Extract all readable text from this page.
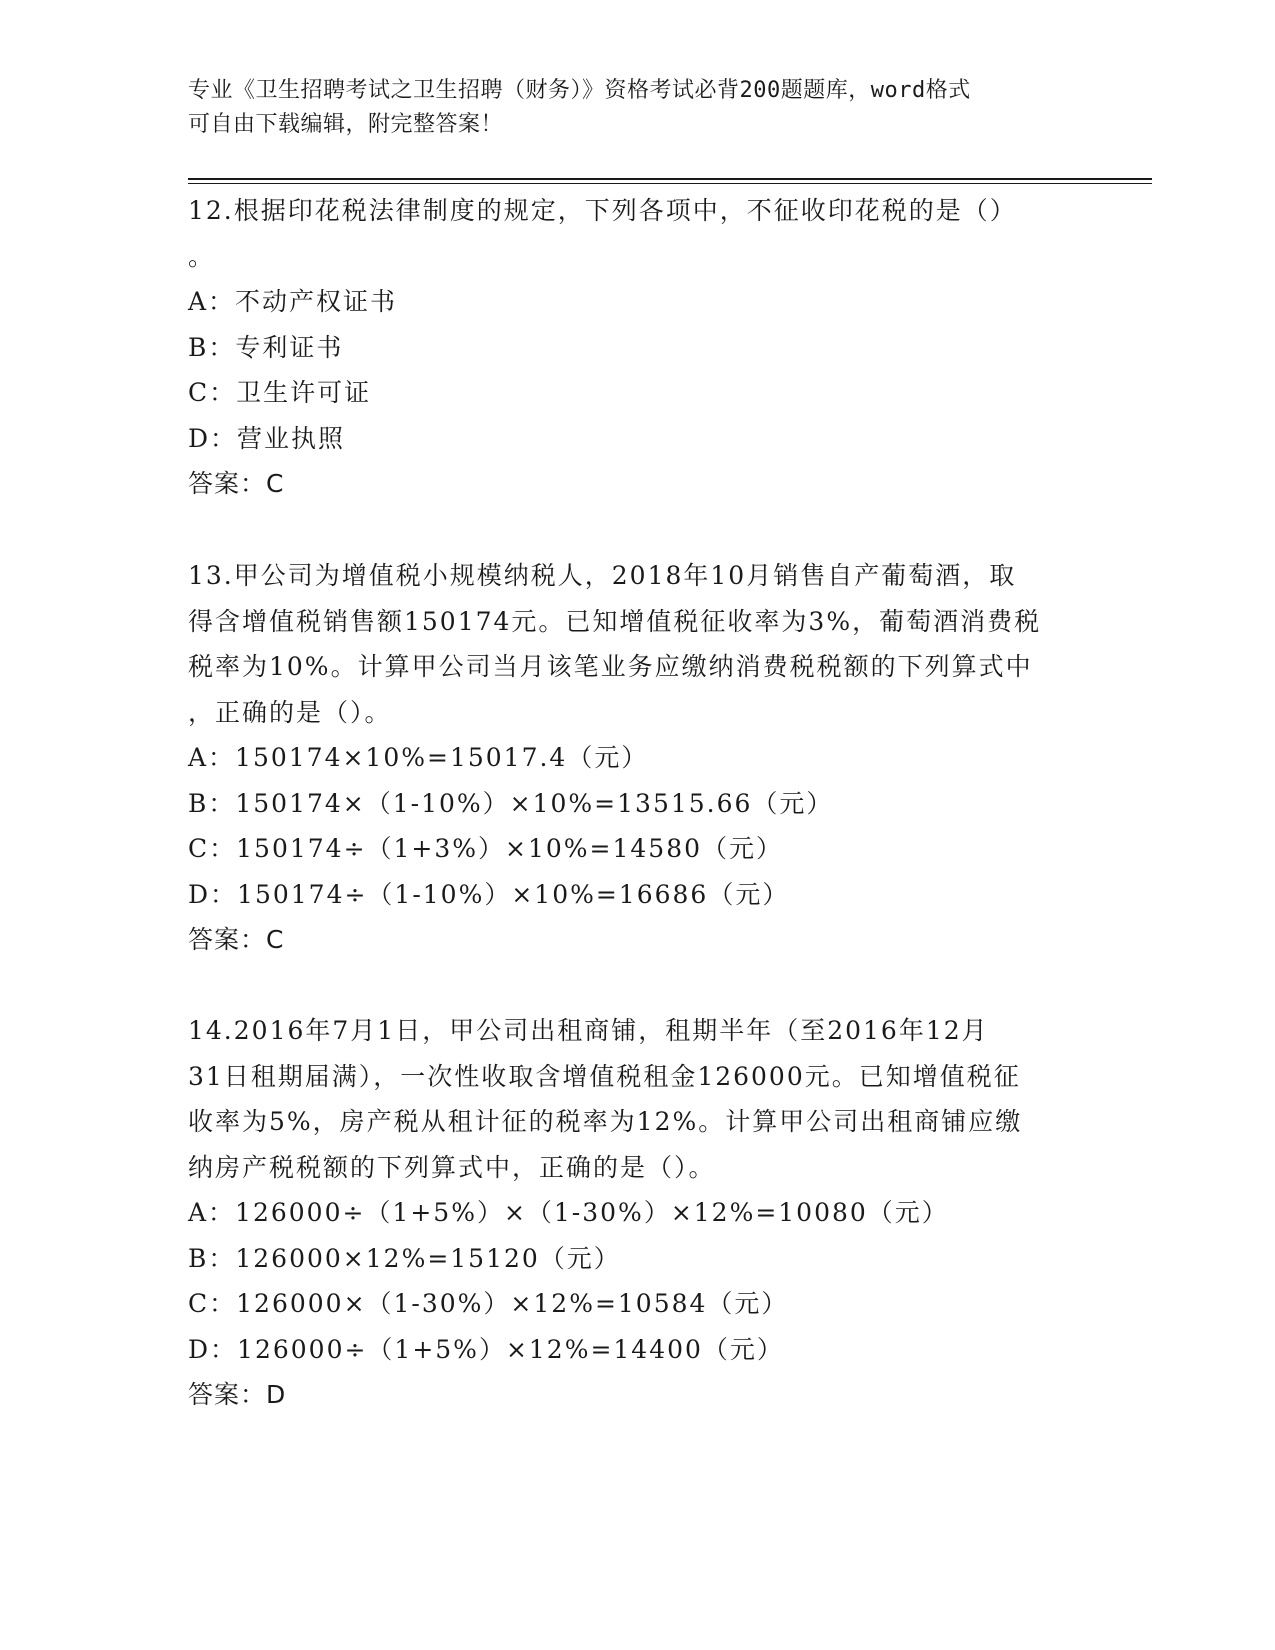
专业《卫生招聘考试之卫生招聘（财务）》资格考试必背200题题库，word格式
可自由下载编辑，附完整答案！
12.根据印花税法律制度的规定，下列各项中，不征收印花税的是（）
。
A：不动产权证书
B：专利证书
C：卫生许可证
D：营业执照
答案：C
13.甲公司为增值税小规模纳税人，2018年10月销售自产葡萄酒，取
得含增值税销售额150174元。已知增值税征收率为3%，葡萄酒消费税
税率为10%。计算甲公司当月该笔业务应缴纳消费税税额的下列算式中
，正确的是（）。
A：150174×10%=15017.4（元）
B：150174×（1-10%）×10%=13515.66（元）
C：150174÷（1+3%）×10%=14580（元）
D：150174÷（1-10%）×10%=16686（元）
答案：C
14.2016年7月1日，甲公司出租商铺，租期半年（至2016年12月
31日租期届满），一次性收取含增值税租金126000元。已知增值税征
收率为5%，房产税从租计征的税率为12%。计算甲公司出租商铺应缴
纳房产税税额的下列算式中，正确的是（）。
A：126000÷（1+5%）×（1-30%）×12%=10080（元）
B：126000×12%=15120（元）
C：126000×（1-30%）×12%=10584（元）
D：126000÷（1+5%）×12%=14400（元）
答案：D
